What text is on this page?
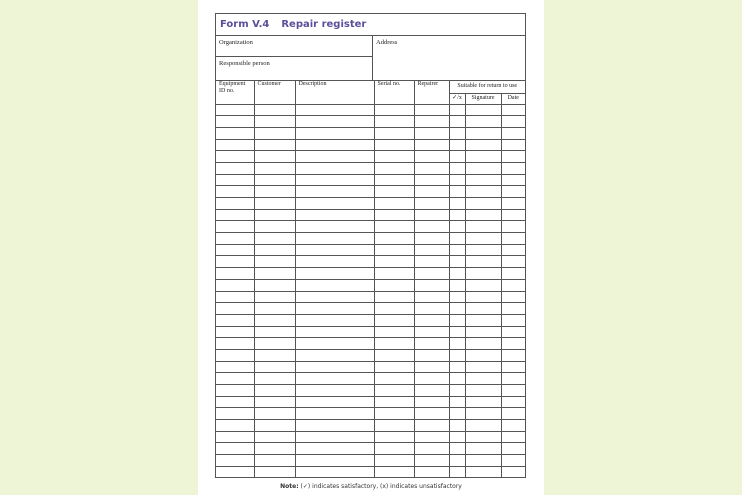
Form V.4 Repair register
Organization
Responsible person
Address
Equipment ID no.	Customer	Description	Serial no.	Repairer	Suitable for return to use		
					✓/x	Signature	Date

Note: (✓) indicates satisfactory, (x) indicates unsatisfactory
